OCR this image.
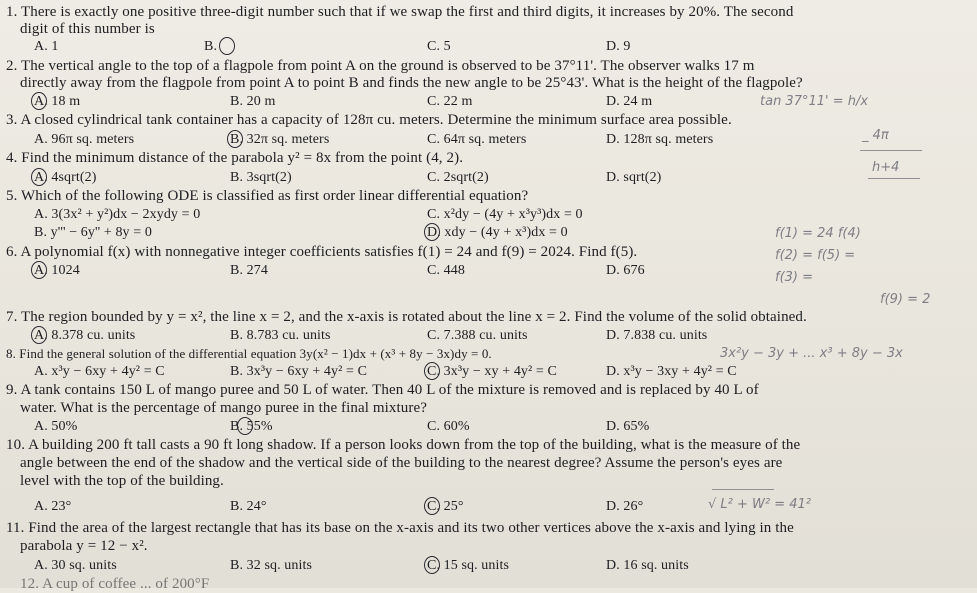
1. There is exactly one positive three-digit number such that if we swap the first and third digits, it increases by 20%. The second
digit of this number is
A. 1	B.	C. 5	D. 9
2. The vertical angle to the top of a flagpole from point A on the ground is observed to be 37°11'. The observer walks 17 m
directly away from the flagpole from point A to point B and finds the new angle to be 25°43'. What is the height of the flagpole?
A. 18 m	B. 20 m	C. 22 m	D. 24 m	tan 37°11' = h/x
3. A closed cylindrical tank container has a capacity of 128π cu. meters. Determine the minimum surface area possible.
A. 96π sq. meters	B. 32π sq. meters	C. 64π sq. meters	D. 128π sq. meters	_ 4π
h+4
4. Find the minimum distance of the parabola y² = 8x from the point (4, 2).
A. 4sqrt(2)	B. 3sqrt(2)	C. 2sqrt(2)	D. sqrt(2)
5. Which of the following ODE is classified as first order linear differential equation?
A. 3(3x² + y²)dx − 2xydy = 0	C. x²dy − (4y + x³y³)dx = 0
B. y''' − 6y'' + 8y = 0	D. xdy − (4y + x³)dx = 0	f(1) = 24 f(4)
6. A polynomial f(x) with nonnegative integer coefficients satisfies f(1) = 24 and f(9) = 2024. Find f(5).
A. 1024	B. 274	C. 448	D. 676
f(2) = f(5) =
f(3) =
f(9) = 2
7. The region bounded by y = x², the line x = 2, and the x-axis is rotated about the line x = 2. Find the volume of the solid obtained.
A. 8.378 cu. units	B. 8.783 cu. units	C. 7.388 cu. units	D. 7.838 cu. units
8. Find the general solution of the differential equation 3y(x² − 1)dx + (x³ + 8y − 3x)dy = 0.	3x²y − 3y + ... x³ + 8y − 3x
A. x³y − 6xy + 4y² = C	B. 3x³y − 6xy + 4y² = C	C. 3x³y − xy + 4y² = C	D. x³y − 3xy + 4y² = C
9. A tank contains 150 L of mango puree and 50 L of water. Then 40 L of the mixture is removed and is replaced by 40 L of
water. What is the percentage of mango puree in the final mixture?
A. 50%	B. 55%	C. 60%	D. 65%
10. A building 200 ft tall casts a 90 ft long shadow. If a person looks down from the top of the building, what is the measure of the
angle between the end of the shadow and the vertical side of the building to the nearest degree? Assume the person's eyes are
level with the top of the building.
A. 23°	B. 24°	C. 25°	D. 26°	√ L² + W² = 41²
11. Find the area of the largest rectangle that has its base on the x-axis and its two other vertices above the x-axis and lying in the
parabola y = 12 − x².
A. 30 sq. units	B. 32 sq. units	C. 15 sq. units	D. 16 sq. units
12. A cup of coffee ... of 200°F
